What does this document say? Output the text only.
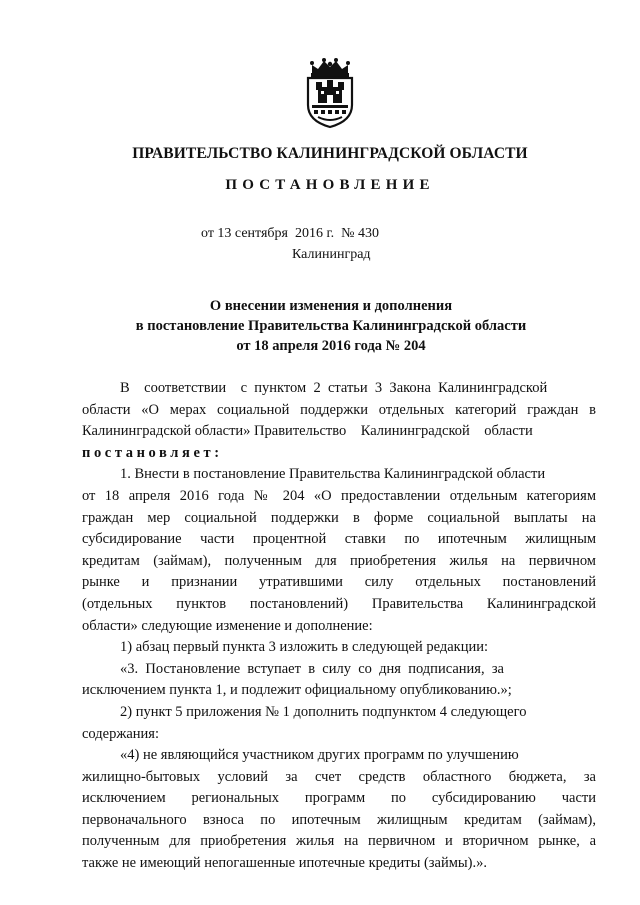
ПРАВИТЕЛЬСТВО КАЛИНИНГРАДСКОЙ ОБЛАСТИ
ПОСТАНОВЛЕНИЕ
от 13 сентября  2016 г.  № 430
Калининград
О внесении изменения и дополнения
в постановление Правительства Калининградской области
от 18 апреля 2016 года № 204
В    соответствии    с  пунктом  2  статьи  3  Закона  Калининградской
области «О мерах социальной поддержки отдельных категорий граждан в
Калининградской области» Правительство    Калининградской    области
постановляет:
1. Внести в постановление Правительства Калининградской области
от 18 апреля 2016 года № 204 «О предоставлении отдельным категориям
граждан мер социальной поддержки в форме социальной выплаты на
субсидирование части процентной ставки по ипотечным жилищным
кредитам (займам), полученным для приобретения жилья на первичном
рынке и признании утратившими силу отдельных постановлений
(отдельных пунктов постановлений) Правительства Калининградской
области» следующие изменение и дополнение:
1) абзац первый пункта 3 изложить в следующей редакции:
«3.  Постановление  вступает  в  силу  со  дня  подписания,  за
исключением пункта 1, и подлежит официальному опубликованию.»;
2) пункт 5 приложения № 1 дополнить подпунктом 4 следующего
содержания:
«4) не являющийся участником других программ по улучшению
жилищно-бытовых условий за счет средств областного бюджета, за
исключением региональных программ по субсидированию части
первоначального взноса по ипотечным жилищным кредитам (займам),
полученным для приобретения жилья на первичном и вторичном рынке, а
также не имеющий непогашенные ипотечные кредиты (займы).».
